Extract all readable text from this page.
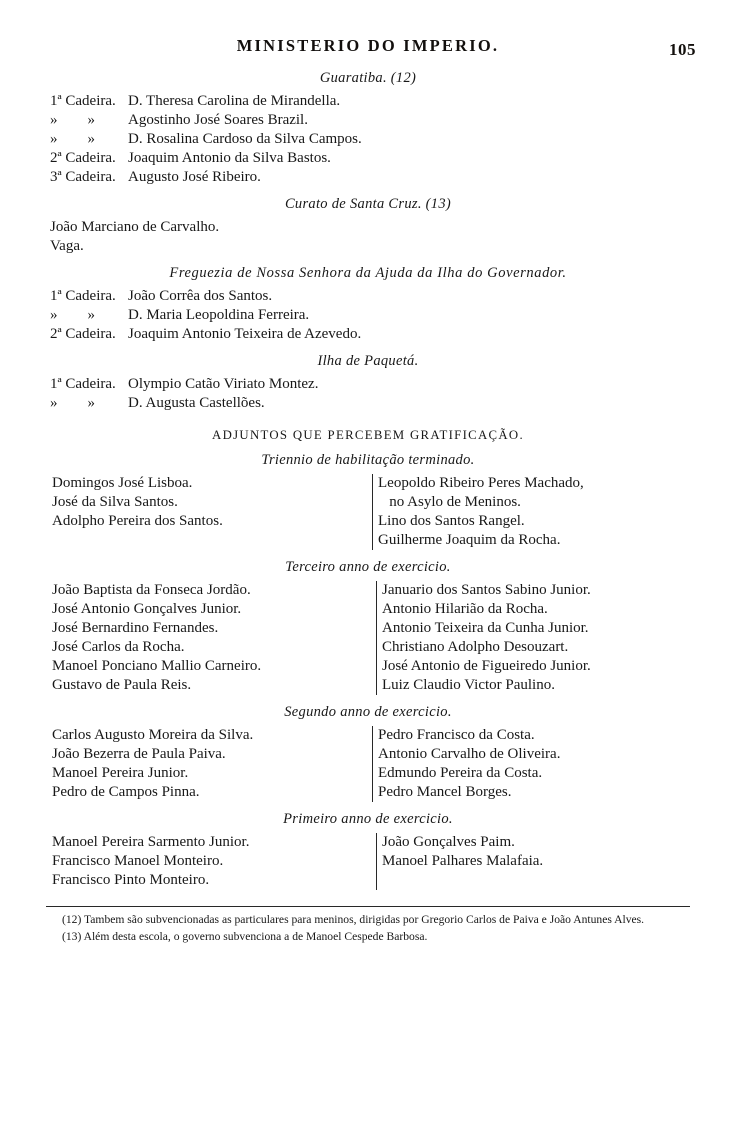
MINISTERIO DO IMPERIO.	105
Guaratiba. (12)
1ª Cadeira. D. Theresa Carolina de Mirandella.
»        » Agostinho José Soares Brazil.
»        » D. Rosalina Cardoso da Silva Campos.
2ª Cadeira. Joaquim Antonio da Silva Bastos.
3ª Cadeira. Augusto José Ribeiro.
Curato de Santa Cruz. (13)
João Marciano de Carvalho.
Vaga.
Freguezia de Nossa Senhora da Ajuda da Ilha do Governador.
1ª Cadeira. João Corrêa dos Santos.
»        » D. Maria Leopoldina Ferreira.
2ª Cadeira. Joaquim Antonio Teixeira de Azevedo.
Ilha de Paquetá.
1ª Cadeira. Olympio Catão Viriato Montez.
»        » D. Augusta Castellões.
ADJUNTOS QUE PERCEBEM GRATIFICAÇÃO.
Triennio de habilitação terminado.
Domingos José Lisboa.
José da Silva Santos.
Adolpho Pereira dos Santos.
Leopoldo Ribeiro Peres Machado,
no Asylo de Meninos.
Lino dos Santos Rangel.
Guilherme Joaquim da Rocha.
Terceiro anno de exercicio.
João Baptista da Fonseca Jordão.
José Antonio Gonçalves Junior.
José Bernardino Fernandes.
José Carlos da Rocha.
Manoel Ponciano Mallio Carneiro.
Gustavo de Paula Reis.
Januario dos Santos Sabino Junior.
Antonio Hilarião da Rocha.
Antonio Teixeira da Cunha Junior.
Christiano Adolpho Desouzart.
José Antonio de Figueiredo Junior.
Luiz Claudio Victor Paulino.
Segundo anno de exercicio.
Carlos Augusto Moreira da Silva.
João Bezerra de Paula Paiva.
Manoel Pereira Junior.
Pedro de Campos Pinna.
Pedro Francisco da Costa.
Antonio Carvalho de Oliveira.
Edmundo Pereira da Costa.
Pedro Mancel Borges.
Primeiro anno de exercicio.
Manoel Pereira Sarmento Junior.
Francisco Manoel Monteiro.
Francisco Pinto Monteiro.
João Gonçalves Paim.
Manoel Palhares Malafaia.
(12) Tambem são subvencionadas as particulares para meninos, dirigidas por Gregorio Carlos de Paiva e João Antunes Alves.
(13) Além desta escola, o governo subvenciona a de Manoel Cespede Barbosa.
